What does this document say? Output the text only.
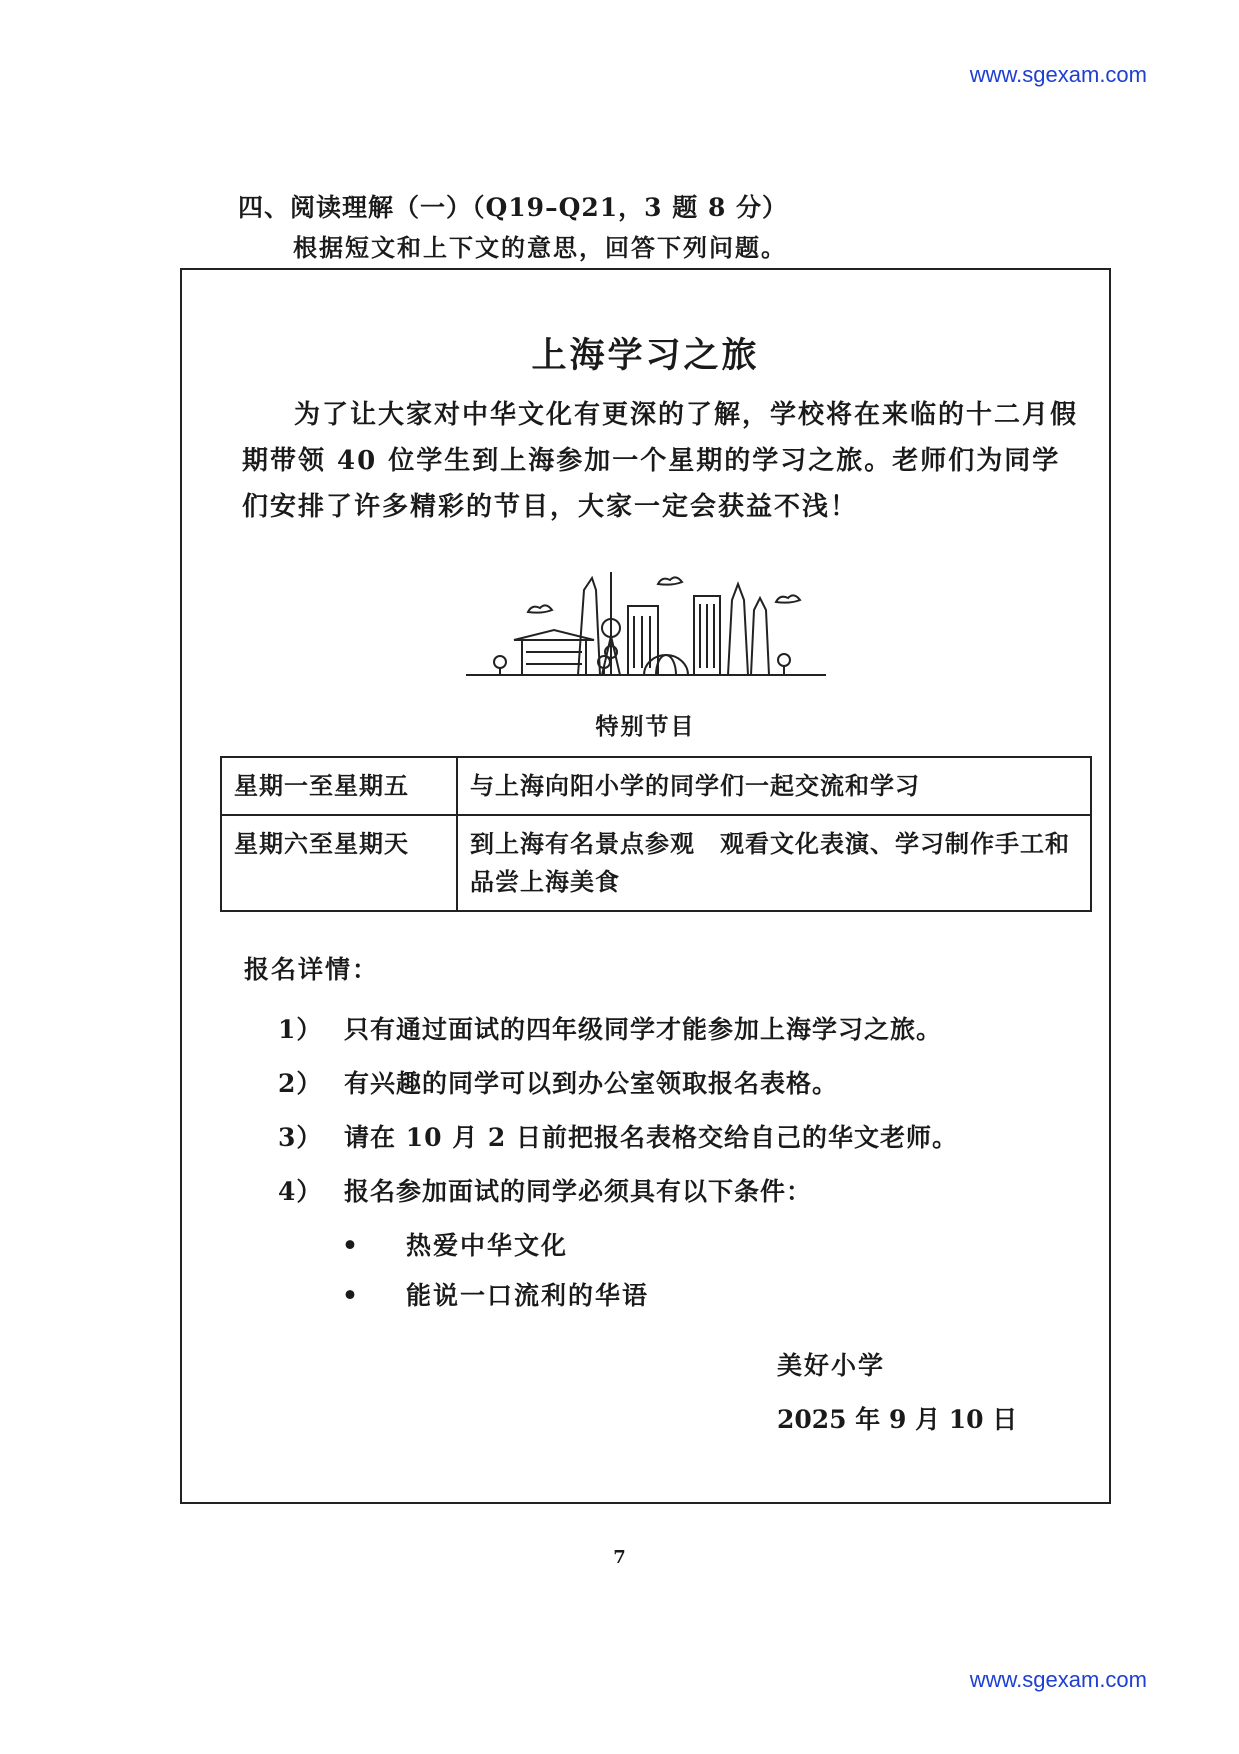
www.sgexam.com
四、阅读理解（一）（Q19–Q21，3 题 8 分）
根据短文和上下文的意思，回答下列问题。
上海学习之旅

为了让大家对中华文化有更深的了解，学校将在来临的十二月假期带领 40 位学生到上海参加一个星期的学习之旅。老师们为同学们安排了许多精彩的节目，大家一定会获益不浅！

特别节目
星期一至星期五	与上海向阳小学的同学们一起交流和学习
星期六至星期天	到上海有名景点参观　观看文化表演、学习制作手工和品尝上海美食
报名详情：
1） 只有通过面试的四年级同学才能参加上海学习之旅。
2） 有兴趣的同学可以到办公室领取报名表格。
3） 请在 10 月 2 日前把报名表格交给自己的华文老师。
4） 报名参加面试的同学必须具有以下条件：
• 热爱中华文化
• 能说一口流利的华语
美好小学
2025 年 9 月 10 日
7
www.sgexam.com
